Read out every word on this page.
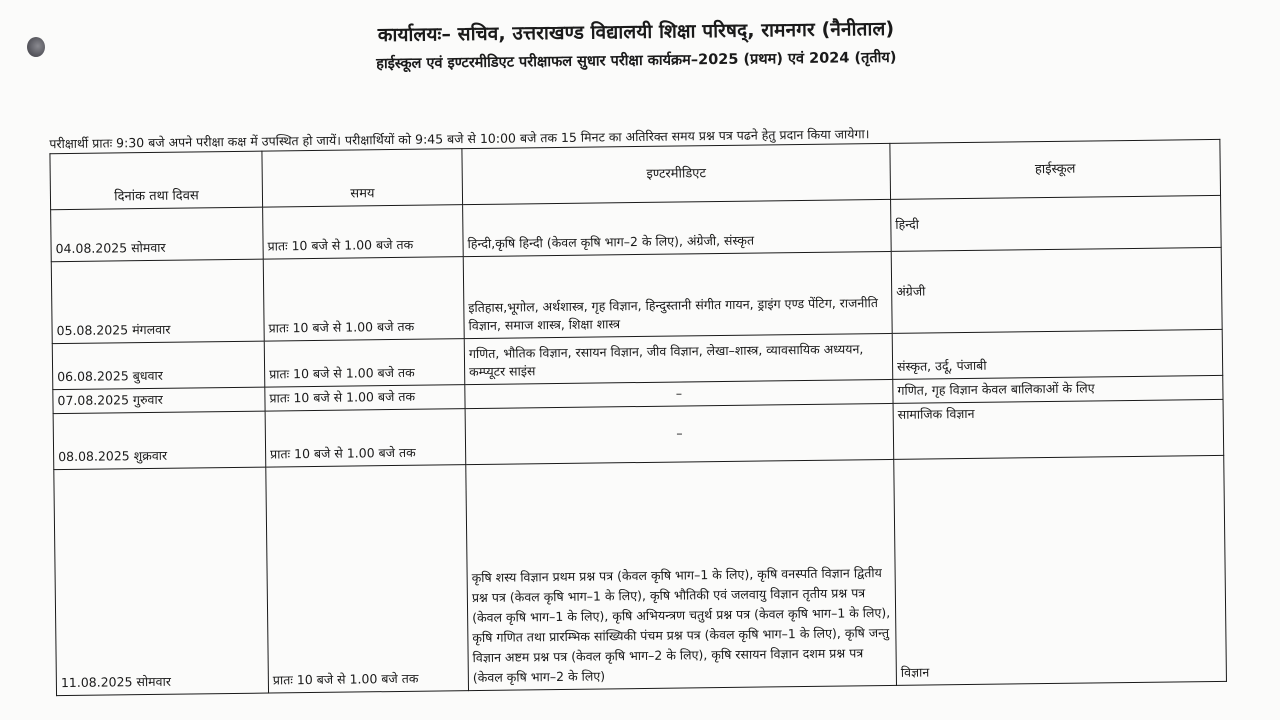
कार्यालयः– सचिव, उत्तराखण्ड विद्यालयी शिक्षा परिषद्, रामनगर (नैनीताल)
हाईस्कूल एवं इण्टरमीडिएट परीक्षाफल सुधार परीक्षा कार्यक्रम–2025 (प्रथम) एवं 2024 (तृतीय)
परीक्षार्थी प्रातः 9:30 बजे अपने परीक्षा कक्ष में उपस्थित हो जायें। परीक्षार्थियों को 9:45 बजे से 10:00 बजे तक 15 मिनट का अतिरिक्त समय प्रश्न पत्र पढने हेतु प्रदान किया जायेगा।
दिनांक तथा दिवस	समय	इण्टरमीडिएट	हाईस्कूल
04.08.2025 सोमवार	प्रातः 10 बजे से 1.00 बजे तक	हिन्दी,कृषि हिन्दी (केवल कृषि भाग–2 के लिए), अंग्रेजी, संस्कृत	हिन्दी
05.08.2025 मंगलवार	प्रातः 10 बजे से 1.00 बजे तक	इतिहास,भूगोल, अर्थशास्त्र, गृह विज्ञान, हिन्दुस्तानी संगीत गायन, ड्राइंग एण्ड पेंटिग, राजनीति विज्ञान, समाज शास्त्र, शिक्षा शास्त्र	अंग्रेजी
06.08.2025 बुधवार	प्रातः 10 बजे से 1.00 बजे तक	गणित, भौतिक विज्ञान, रसायन विज्ञान, जीव विज्ञान, लेखा–शास्त्र, व्यावसायिक अध्ययन, कम्प्यूटर साइंस	संस्कृत, उर्दू, पंजाबी
07.08.2025 गुरुवार	प्रातः 10 बजे से 1.00 बजे तक	–	गणित, गृह विज्ञान केवल बालिकाओं के लिए
08.08.2025 शुक्रवार	प्रातः 10 बजे से 1.00 बजे तक	–	सामाजिक विज्ञान
11.08.2025 सोमवार	प्रातः 10 बजे से 1.00 बजे तक	कृषि शस्य विज्ञान प्रथम प्रश्न पत्र (केवल कृषि भाग–1 के लिए), कृषि वनस्पति विज्ञान द्वितीय प्रश्न पत्र (केवल कृषि भाग–1 के लिए), कृषि भौतिकी एवं जलवायु विज्ञान तृतीय प्रश्न पत्र (केवल कृषि भाग–1 के लिए), कृषि अभियन्त्रण चतुर्थ प्रश्न पत्र (केवल कृषि भाग–1 के लिए), कृषि गणित तथा प्रारम्भिक सांख्यिकी पंचम प्रश्न पत्र (केवल कृषि भाग–1 के लिए), कृषि जन्तु विज्ञान अष्टम प्रश्न पत्र (केवल कृषि भाग–2 के लिए), कृषि रसायन विज्ञान दशम प्रश्न पत्र (केवल कृषि भाग–2 के लिए)	विज्ञान
